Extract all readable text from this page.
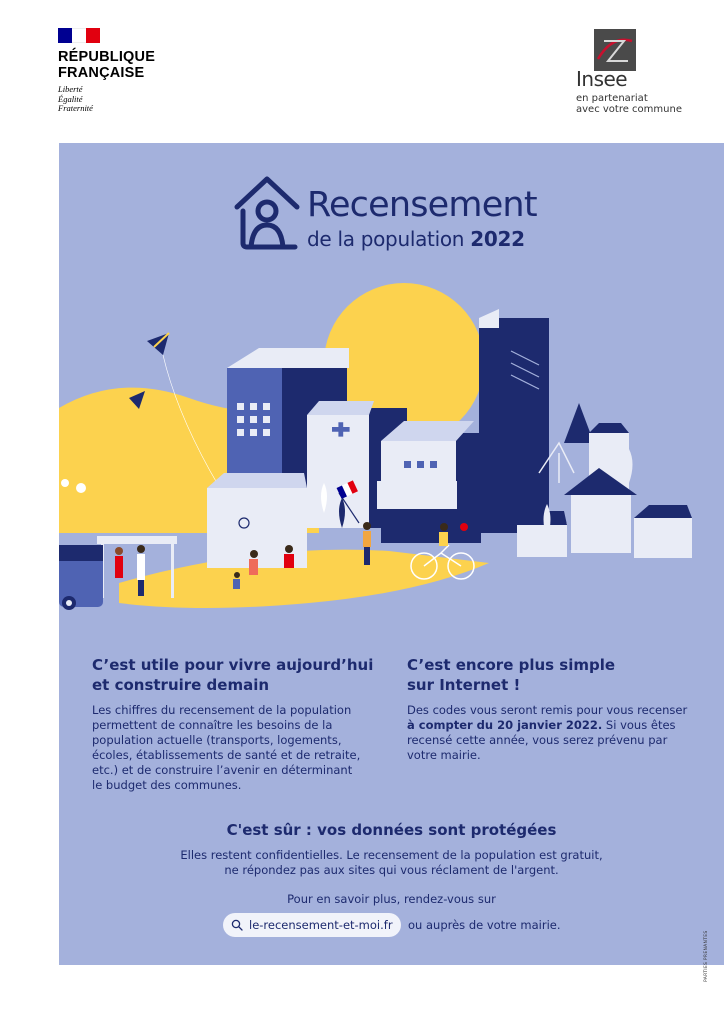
RÉPUBLIQUE
FRANÇAISE
Liberté
Égalité
Fraternité
Insee
en partenariat
avec votre commune
Recensement
de la population 2022
C’est utile pour vivre aujourd’hui
et construire demain
Les chiffres du recensement de la population
permettent de connaître les besoins de la
population actuelle (transports, logements,
écoles, établissements de santé et de retraite,
etc.) et de construire l’avenir en déterminant
le budget des communes.
C’est encore plus simple
sur Internet !
Des codes vous seront remis pour vous recenser
à compter du 20 janvier 2022. Si vous êtes
recensé cette année, vous serez prévenu par
votre mairie.
C'est sûr : vos données sont protégées
Elles restent confidentielles. Le recensement de la population est gratuit,
ne répondez pas aux sites qui vous réclament de l'argent.
Pour en savoir plus, rendez-vous sur
le-recensement-et-moi.fr ou auprès de votre mairie.
PARTIES PRENANTES
